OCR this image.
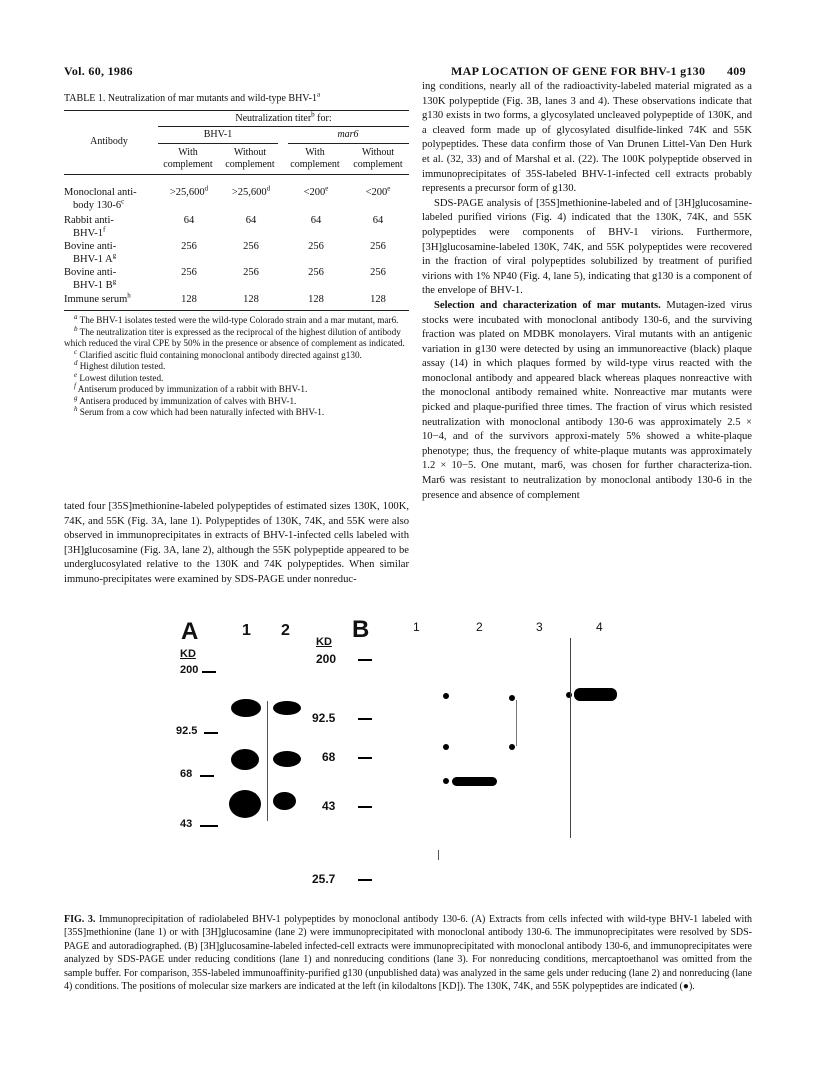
Vol. 60, 1986	MAP LOCATION OF GENE FOR BHV-1 g130 409
TABLE 1. Neutralization of mar mutants and wild-type BHV-1$^a$
Antibody
Neutralization titer$^b$ for:
BHV-1	mar6
With complement
Without complement
With complement
Without complement
Monoclonal anti-
body $130-6^c$
>25,600$^d$	>25,600$^d$	$<200^e$	$<200^e$
Rabbit anti-
BHV-1$^f$
64	64	64	64
Bovine anti-
BHV-1 $A^g$
256	256	256	256
Bovine anti-
BHV-1 $B^g$
256	256	256	256
Immune serum$^h$	128	128	128	128
$^a$ The BHV-1 isolates tested were the wild-type Colorado strain and a mar mutant, mar6.
$^b$ The neutralization titer is expressed as the reciprocal of the highest dilution of antibody which reduced the viral CPE by 50% in the presence or absence of complement as indicated.
$^c$ Clarified ascitic fluid containing monoclonal antibody directed against g130.
$^d$ Highest dilution tested.
$^e$ Lowest dilution tested.
$^f$ Antiserum produced by immunization of a rabbit with BHV-1.
$^g$ Antisera produced by immunization of calves with BHV-1.
$^h$ Serum from a cow which had been naturally infected with BHV-1.

tated four [35S]methionine-labeled polypeptides of estimated sizes 130K, 100K, 74K, and 55K (Fig. 3A, lane 1). Polypeptides of 130K, 74K, and 55K were also observed in immunoprecipitates in extracts of BHV-1-infected cells labeled with [3H]glucosamine (Fig. 3A, lane 2), although the 55K polypeptide appeared to be underglucosylated relative to the 130K and 74K polypeptides. When similar immuno-precipitates were examined by SDS-PAGE under nonreduc-

ing conditions, nearly all of the radioactivity-labeled material migrated as a 130K polypeptide (Fig. 3B, lanes 3 and 4). These observations indicate that g130 exists in two forms, a glycosylated uncleaved polypeptide of 130K, and a cleaved form made up of glycosylated disulfide-linked 74K and 55K polypeptides. These data confirm those of Van Drunen Littel-Van Den Hurk et al. (32, 33) and of Marshal et al. (22). The 100K polypeptide observed in immunoprecipitates of 35S-labeled BHV-1-infected cell extracts probably represents a precursor form of g130.

SDS-PAGE analysis of [35S]methionine-labeled and of [3H]glucosamine-labeled purified virions (Fig. 4) indicated that the 130K, 74K, and 55K polypeptides were components of BHV-1 virions. Furthermore, [3H]glucosamine-labeled 130K, 74K, and 55K polypeptides were recovered in the fraction of viral polypeptides solubilized by treatment of purified virions with 1% NP40 (Fig. 4, lane 5), indicating that g130 is a component of the envelope of BHV-1.

Selection and characterization of mar mutants. Mutagen-ized virus stocks were incubated with monoclonal antibody 130-6, and the surviving fraction was plated on MDBK monolayers. Viral mutants with an antigenic variation in g130 were detected by using an immunoreactive (black) plaque assay (14) in which plaques formed by wild-type virus reacted with the monoclonal antibody and appeared black whereas plaques nonreactive with the monoclonal antibody remained white. Nonreactive mar mutants were picked and plaque-purified three times. The fraction of virus which resisted neutralization with monoclonal antibody 130-6 was approximately 2.5 × 10−4, and of the survivors approxi-mately 5% showed a white-plaque phenotype; thus, the frequency of white-plaque mutants was approximately 1.2 × 10−5. One mutant, mar6, was chosen for further characteriza-tion. Mar6 was resistant to neutralization by monoclonal antibody 130-6 in the presence and absence of complement

A	1 2
KD
200
92.5
68
43
KD B	1	2	3	4
200
92.5
68
43
25.7
FIG. 3. Immunoprecipitation of radiolabeled BHV-1 polypeptides by monoclonal antibody 130-6. (A) Extracts from cells infected with wild-type BHV-1 labeled with [35S]methionine (lane 1) or with [3H]glucosamine (lane 2) were immunoprecipitated with monoclonal antibody 130-6. The immunoprecipitates were resolved by SDS-PAGE and autoradiographed. (B) [3H]glucosamine-labeled infected-cell extracts were immunoprecipitated with monoclonal antibody 130-6, and immunoprecipitates were analyzed by SDS-PAGE under reducing conditions (lane 1) and nonreducing conditions (lane 3). For nonreducing conditions, mercaptoethanol was omitted from the sample buffer. For comparison, 35S-labeled immunoaffinity-purified g130 (unpublished data) was analyzed in the same gels under reducing (lane 2) and nonreducing (lane 4) conditions. The positions of molecular size markers are indicated at the left (in kilodaltons [KD]). The 130K, 74K, and 55K polypeptides are indicated (●).
